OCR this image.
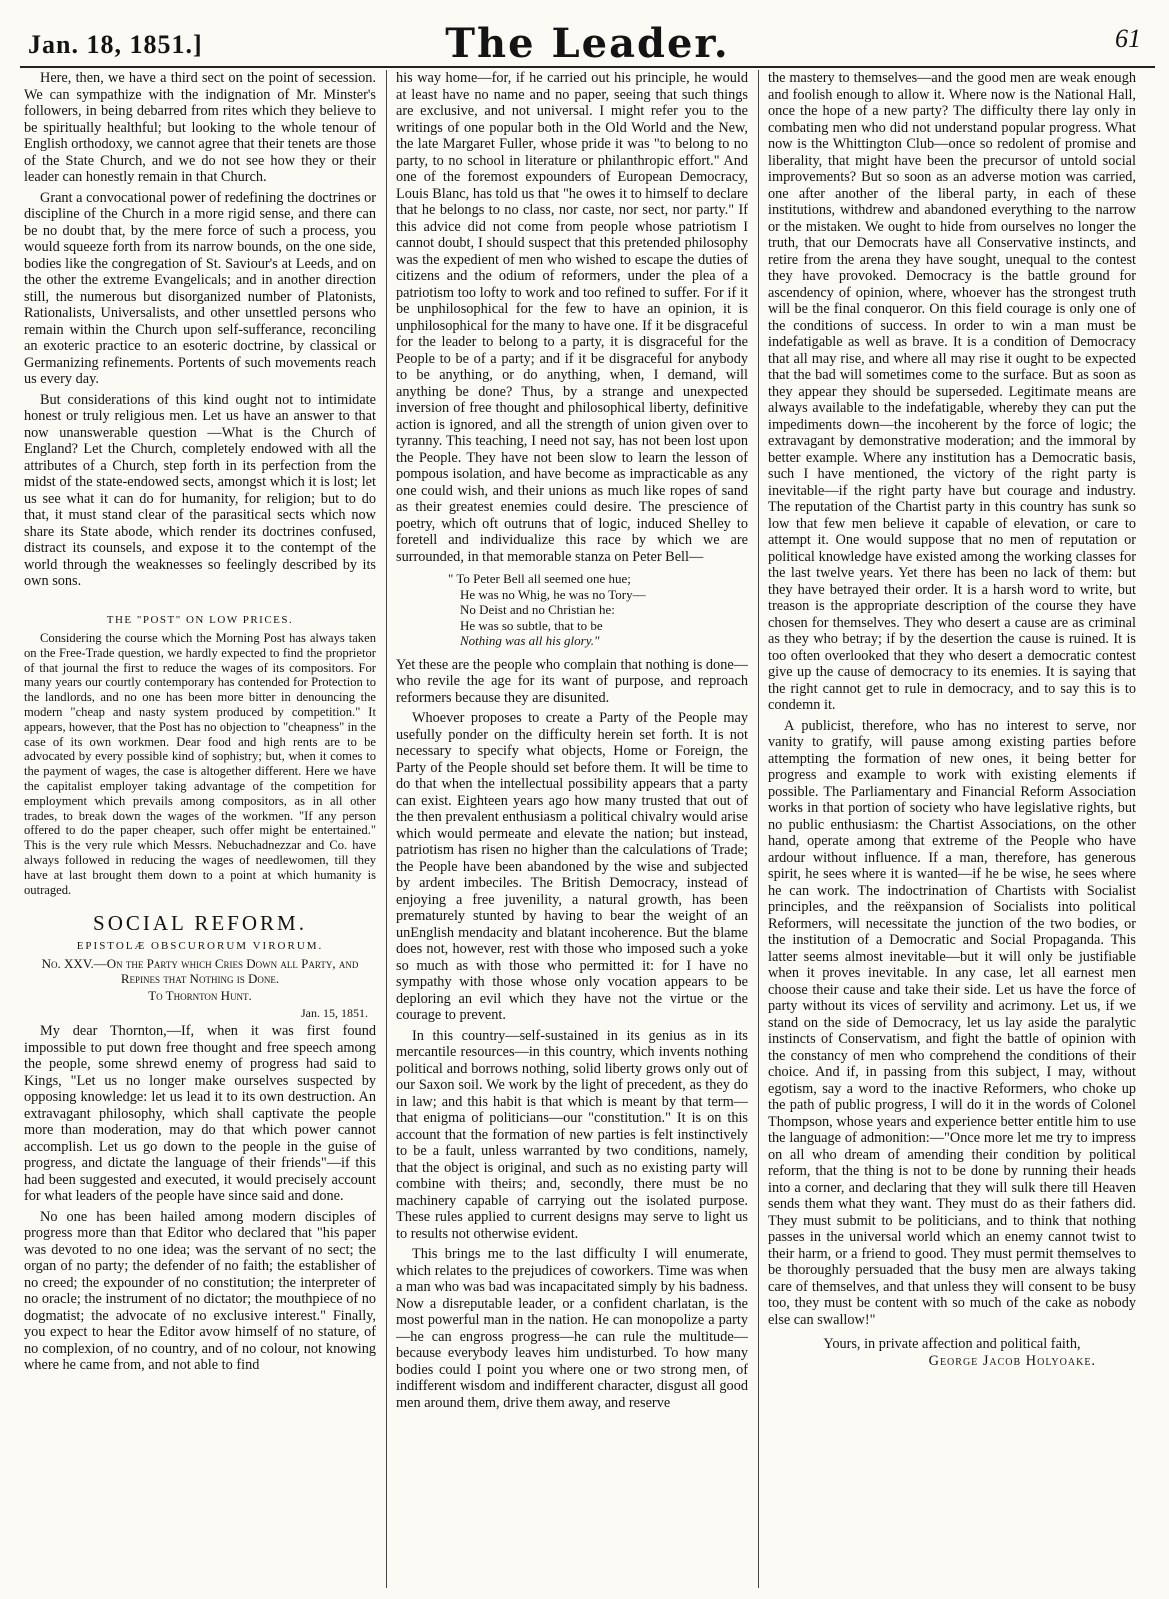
Jan. 18, 1851.]	The Leader.	61

Here, then, we have a third sect on the point of secession. We can sympathize with the indignation of Mr. Minster's followers, in being debarred from rites which they believe to be spiritually healthful; but looking to the whole tenour of English orthodoxy, we cannot agree that their tenets are those of the State Church, and we do not see how they or their leader can honestly remain in that Church.

Grant a convocational power of redefining the doctrines or discipline of the Church in a more rigid sense, and there can be no doubt that, by the mere force of such a process, you would squeeze forth from its narrow bounds, on the one side, bodies like the congregation of St. Saviour's at Leeds, and on the other the extreme Evangelicals; and in another direction still, the numerous but disorganized number of Platonists, Rationalists, Universalists, and other unsettled persons who remain within the Church upon self-sufferance, reconciling an exoteric practice to an esoteric doctrine, by classical or Germanizing refinements. Portents of such movements reach us every day.

But considerations of this kind ought not to intimidate honest or truly religious men. Let us have an answer to that now unanswerable question —What is the Church of England? Let the Church, completely endowed with all the attributes of a Church, step forth in its perfection from the midst of the state-endowed sects, amongst which it is lost; let us see what it can do for humanity, for religion; but to do that, it must stand clear of the parasitical sects which now share its State abode, which render its doctrines confused, distract its counsels, and expose it to the contempt of the world through the weaknesses so feelingly described by its own sons.

THE "POST" ON LOW PRICES.

Considering the course which the Morning Post has always taken on the Free-Trade question, we hardly expected to find the proprietor of that journal the first to reduce the wages of its compositors. For many years our courtly contemporary has contended for Protection to the landlords, and no one has been more bitter in denouncing the modern "cheap and nasty system produced by competition." It appears, however, that the Post has no objection to "cheapness" in the case of its own workmen. Dear food and high rents are to be advocated by every possible kind of sophistry; but, when it comes to the payment of wages, the case is altogether different. Here we have the capitalist employer taking advantage of the competition for employment which prevails among compositors, as in all other trades, to break down the wages of the workmen. "If any person offered to do the paper cheaper, such offer might be entertained." This is the very rule which Messrs. Nebuchadnezzar and Co. have always followed in reducing the wages of needlewomen, till they have at last brought them down to a point at which humanity is outraged.

SOCIAL REFORM.
EPISTOLÆ OBSCURORUM VIRORUM.
No. XXV.—On the Party which Cries Down all Party, and Repines that Nothing is Done.
To Thornton Hunt.
Jan. 15, 1851.

My dear Thornton,—If, when it was first found impossible to put down free thought and free speech among the people, some shrewd enemy of progress had said to Kings, "Let us no longer make ourselves suspected by opposing knowledge: let us lead it to its own destruction. An extravagant philosophy, which shall captivate the people more than moderation, may do that which power cannot accomplish. Let us go down to the people in the guise of progress, and dictate the language of their friends"—if this had been suggested and executed, it would precisely account for what leaders of the people have since said and done.

No one has been hailed among modern disciples of progress more than that Editor who declared that "his paper was devoted to no one idea; was the servant of no sect; the organ of no party; the defender of no faith; the establisher of no creed; the expounder of no constitution; the interpreter of no oracle; the instrument of no dictator; the mouthpiece of no dogmatist; the advocate of no exclusive interest." Finally, you expect to hear the Editor avow himself of no stature, of no complexion, of no country, and of no colour, not knowing where he came from, and not able to find

his way home—for, if he carried out his principle, he would at least have no name and no paper, seeing that such things are exclusive, and not universal. I might refer you to the writings of one popular both in the Old World and the New, the late Margaret Fuller, whose pride it was "to belong to no party, to no school in literature or philanthropic effort." And one of the foremost expounders of European Democracy, Louis Blanc, has told us that "he owes it to himself to declare that he belongs to no class, nor caste, nor sect, nor party." If this advice did not come from people whose patriotism I cannot doubt, I should suspect that this pretended philosophy was the expedient of men who wished to escape the duties of citizens and the odium of reformers, under the plea of a patriotism too lofty to work and too refined to suffer. For if it be unphilosophical for the few to have an opinion, it is unphilosophical for the many to have one. If it be disgraceful for the leader to belong to a party, it is disgraceful for the People to be of a party; and if it be disgraceful for anybody to be anything, or do anything, when, I demand, will anything be done? Thus, by a strange and unexpected inversion of free thought and philosophical liberty, definitive action is ignored, and all the strength of union given over to tyranny. This teaching, I need not say, has not been lost upon the People. They have not been slow to learn the lesson of pompous isolation, and have become as impracticable as any one could wish, and their unions as much like ropes of sand as their greatest enemies could desire. The prescience of poetry, which oft outruns that of logic, induced Shelley to foretell and individualize this race by which we are surrounded, in that memorable stanza on Peter Bell—

" To Peter Bell all seemed one hue;
He was no Whig, he was no Tory—
No Deist and no Christian he:
He was so subtle, that to be
Nothing was all his glory."

Yet these are the people who complain that nothing is done—who revile the age for its want of purpose, and reproach reformers because they are disunited.

Whoever proposes to create a Party of the People may usefully ponder on the difficulty herein set forth. It is not necessary to specify what objects, Home or Foreign, the Party of the People should set before them. It will be time to do that when the intellectual possibility appears that a party can exist. Eighteen years ago how many trusted that out of the then prevalent enthusiasm a political chivalry would arise which would permeate and elevate the nation; but instead, patriotism has risen no higher than the calculations of Trade; the People have been abandoned by the wise and subjected by ardent imbeciles. The British Democracy, instead of enjoying a free juvenility, a natural growth, has been prematurely stunted by having to bear the weight of an unEnglish mendacity and blatant incoherence. But the blame does not, however, rest with those who imposed such a yoke so much as with those who permitted it: for I have no sympathy with those whose only vocation appears to be deploring an evil which they have not the virtue or the courage to prevent.

In this country—self-sustained in its genius as in its mercantile resources—in this country, which invents nothing political and borrows nothing, solid liberty grows only out of our Saxon soil. We work by the light of precedent, as they do in law; and this habit is that which is meant by that term—that enigma of politicians—our "constitution." It is on this account that the formation of new parties is felt instinctively to be a fault, unless warranted by two conditions, namely, that the object is original, and such as no existing party will combine with theirs; and, secondly, there must be no machinery capable of carrying out the isolated purpose. These rules applied to current designs may serve to light us to results not otherwise evident.

This brings me to the last difficulty I will enumerate, which relates to the prejudices of coworkers. Time was when a man who was bad was incapacitated simply by his badness. Now a disreputable leader, or a confident charlatan, is the most powerful man in the nation. He can monopolize a party—he can engross progress—he can rule the multitude—because everybody leaves him undisturbed. To how many bodies could I point you where one or two strong men, of indifferent wisdom and indifferent character, disgust all good men around them, drive them away, and reserve

the mastery to themselves—and the good men are weak enough and foolish enough to allow it. Where now is the National Hall, once the hope of a new party? The difficulty there lay only in combating men who did not understand popular progress. What now is the Whittington Club—once so redolent of promise and liberality, that might have been the precursor of untold social improvements? But so soon as an adverse motion was carried, one after another of the liberal party, in each of these institutions, withdrew and abandoned everything to the narrow or the mistaken. We ought to hide from ourselves no longer the truth, that our Democrats have all Conservative instincts, and retire from the arena they have sought, unequal to the contest they have provoked. Democracy is the battle ground for ascendency of opinion, where, whoever has the strongest truth will be the final conqueror. On this field courage is only one of the conditions of success. In order to win a man must be indefatigable as well as brave. It is a condition of Democracy that all may rise, and where all may rise it ought to be expected that the bad will sometimes come to the surface. But as soon as they appear they should be superseded. Legitimate means are always available to the indefatigable, whereby they can put the impediments down—the incoherent by the force of logic; the extravagant by demonstrative moderation; and the immoral by better example. Where any institution has a Democratic basis, such I have mentioned, the victory of the right party is inevitable—if the right party have but courage and industry. The reputation of the Chartist party in this country has sunk so low that few men believe it capable of elevation, or care to attempt it. One would suppose that no men of reputation or political knowledge have existed among the working classes for the last twelve years. Yet there has been no lack of them: but they have betrayed their order. It is a harsh word to write, but treason is the appropriate description of the course they have chosen for themselves. They who desert a cause are as criminal as they who betray; if by the desertion the cause is ruined. It is too often overlooked that they who desert a democratic contest give up the cause of democracy to its enemies. It is saying that the right cannot get to rule in democracy, and to say this is to condemn it.

A publicist, therefore, who has no interest to serve, nor vanity to gratify, will pause among existing parties before attempting the formation of new ones, it being better for progress and example to work with existing elements if possible. The Parliamentary and Financial Reform Association works in that portion of society who have legislative rights, but no public enthusiasm: the Chartist Associations, on the other hand, operate among that extreme of the People who have ardour without influence. If a man, therefore, has generous spirit, he sees where it is wanted—if he be wise, he sees where he can work. The indoctrination of Chartists with Socialist principles, and the reëxpansion of Socialists into political Reformers, will necessitate the junction of the two bodies, or the institution of a Democratic and Social Propaganda. This latter seems almost inevitable—but it will only be justifiable when it proves inevitable. In any case, let all earnest men choose their cause and take their side. Let us have the force of party without its vices of servility and acrimony. Let us, if we stand on the side of Democracy, let us lay aside the paralytic instincts of Conservatism, and fight the battle of opinion with the constancy of men who comprehend the conditions of their choice. And if, in passing from this subject, I may, without egotism, say a word to the inactive Reformers, who choke up the path of public progress, I will do it in the words of Colonel Thompson, whose years and experience better entitle him to use the language of admonition:—"Once more let me try to impress on all who dream of amending their condition by political reform, that the thing is not to be done by running their heads into a corner, and declaring that they will sulk there till Heaven sends them what they want. They must do as their fathers did. They must submit to be politicians, and to think that nothing passes in the universal world which an enemy cannot twist to their harm, or a friend to good. They must permit themselves to be thoroughly persuaded that the busy men are always taking care of themselves, and that unless they will consent to be busy too, they must be content with so much of the cake as nobody else can swallow!"

Yours, in private affection and political faith,
George Jacob Holyoake.
